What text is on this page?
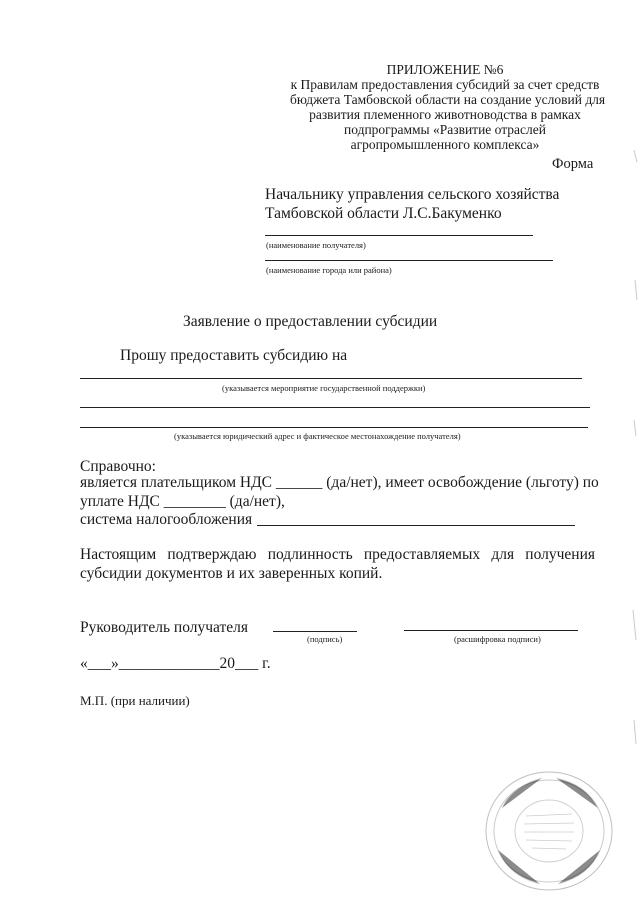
ПРИЛОЖЕНИЕ №6
к Правилам предоставления субсидий за счет средств
бюджета Тамбовской области на создание условий для
развития племенного животноводства в рамках
подпрограммы «Развитие отраслей
агропромышленного комплекса»
Форма
Начальнику управления сельского хозяйства
Тамбовской области Л.С.Бакуменко
(наименование получателя)
(наименование города или района)
Заявление о предоставлении субсидии
Прошу предоставить субсидию на
(указывается мероприятие государственной поддержки)
(указывается юридический адрес и фактическое местонахождение получателя)
Справочно:
является плательщиком НДС ______ (да/нет), имеет освобождение (льготу) по
уплате НДС ________ (да/нет),
система налогообложения
Настоящим подтверждаю подлинность предоставляемых для получения
субсидии документов и их заверенных копий.
Руководитель получателя
(подпись)	(расшифровка подписи)
«___»_____________20___ г.
М.П. (при наличии)
